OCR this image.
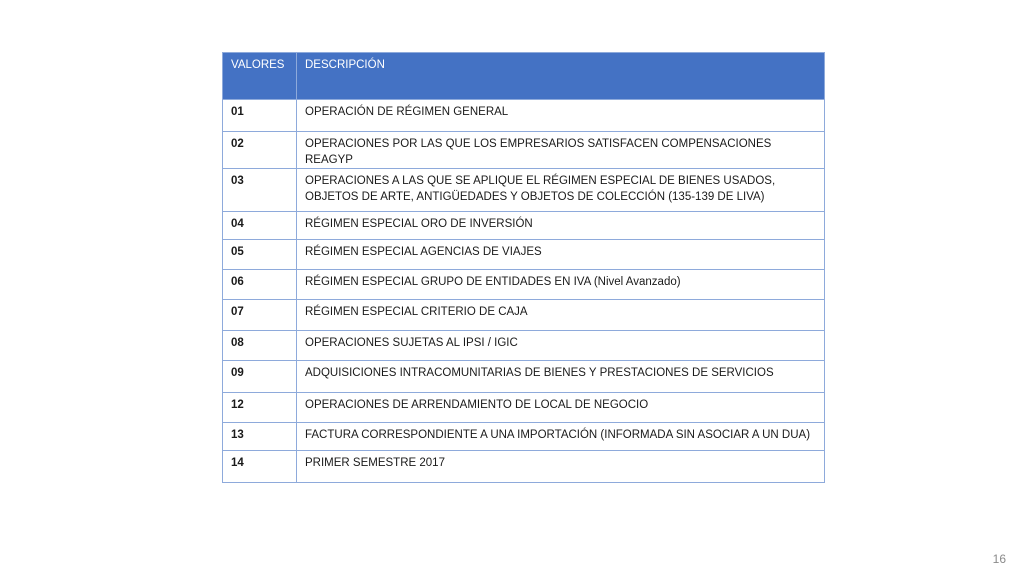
VALORES	DESCRIPCIÓN
01	OPERACIÓN DE RÉGIMEN GENERAL
02	OPERACIONES POR LAS QUE LOS EMPRESARIOS SATISFACEN COMPENSACIONES REAGYP
03	OPERACIONES A LAS QUE SE APLIQUE EL RÉGIMEN ESPECIAL DE BIENES USADOS, OBJETOS DE ARTE, ANTIGÜEDADES Y OBJETOS DE COLECCIÓN (135-139 DE LIVA)
04	RÉGIMEN ESPECIAL ORO DE INVERSIÓN
05	RÉGIMEN ESPECIAL AGENCIAS DE VIAJES
06	RÉGIMEN ESPECIAL GRUPO DE ENTIDADES EN IVA (Nivel Avanzado)
07	RÉGIMEN ESPECIAL CRITERIO DE CAJA
08	OPERACIONES SUJETAS AL IPSI / IGIC
09	ADQUISICIONES INTRACOMUNITARIAS DE BIENES Y PRESTACIONES DE SERVICIOS
12	OPERACIONES DE ARRENDAMIENTO DE LOCAL DE NEGOCIO
13	FACTURA CORRESPONDIENTE A UNA IMPORTACIÓN (INFORMADA SIN ASOCIAR A UN DUA)
14	PRIMER SEMESTRE 2017
16
